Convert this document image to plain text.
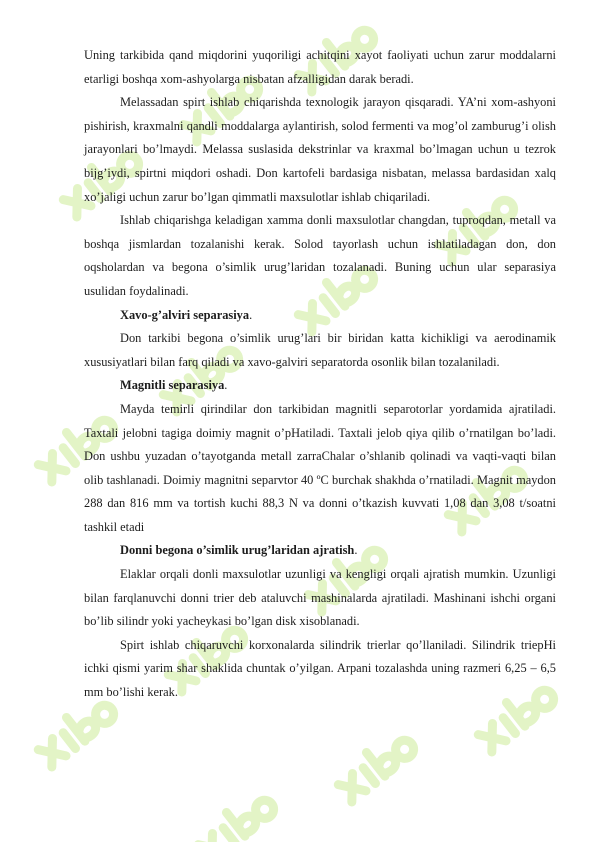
Uning tarkibida qand miqdorini yuqoriligi achitqini xayot faoliyati uchun zarur moddalarni etarligi boshqa xom-ashyolarga nisbatan afzalligidan darak beradi.

Melassadan spirt ishlab chiqarishda texnologik jarayon qisqaradi. YA’ni xom-ashyoni pishirish, kraxmalni qandli moddalarga aylantirish, solod fermenti va mog’ol zamburug’i olish jarayonlari bo’lmaydi. Melassa suslasida dekstrinlar va kraxmal bo’lmagan uchun u tezrok bijg’iydi, spirtni miqdori oshadi. Don kartofeli bardasiga nisbatan, melassa bardasidan xalq xo’jaligi uchun zarur bo’lgan qimmatli maxsulotlar ishlab chiqariladi.

Ishlab chiqarishga keladigan xamma donli maxsulotlar changdan, tuproqdan, metall va boshqa jismlardan tozalanishi kerak. Solod tayorlash uchun ishlatiladagan don, don oqsholardan va begona o’simlik urug’laridan tozalanadi. Buning uchun ular separasiya usulidan foydalinadi.

Xavo-g’alviri separasiya.

Don tarkibi begona o’simlik urug’lari bir biridan katta kichikligi va aerodinamik xususiyatlari bilan farq qiladi va xavo-galviri separatorda osonlik bilan tozalaniladi.

Magnitli separasiya.

Mayda temirli qirindilar don tarkibidan magnitli separotorlar yordamida ajratiladi. Taxtali jelobni tagiga doimiy magnit o’pHatiladi. Taxtali jelob qiya qilib o’rnatilgan bo’ladi. Don ushbu yuzadan o’tayotganda metall zarraChalar o’shlanib qolinadi va vaqti-vaqti bilan olib tashlanadi. Doimiy magnitni separvtor 40 ºC burchak shakhda o’rnatiladi. Magnit maydon 288 dan 816 mm va tortish kuchi 88,3 N va donni o’tkazish kuvvati 1,08 dan 3,08 t/soatni tashkil etadi

Donni begona o’simlik urug’laridan ajratish.

Elaklar orqali donli maxsulotlar uzunligi va kengligi orqali ajratish mumkin. Uzunligi bilan farqlanuvchi donni trier deb ataluvchi mashinalarda ajratiladi. Mashinani ishchi organi bo’lib silindr yoki yacheykasi bo’lgan disk xisoblanadi.

Spirt ishlab chiqaruvchi korxonalarda silindrik trierlar qo’llaniladi. Silindrik triepHi ichki qismi yarim shar shaklida chuntak o’yilgan. Arpani tozalashda uning razmeri 6,25 – 6,5 mm bo’lishi kerak.
